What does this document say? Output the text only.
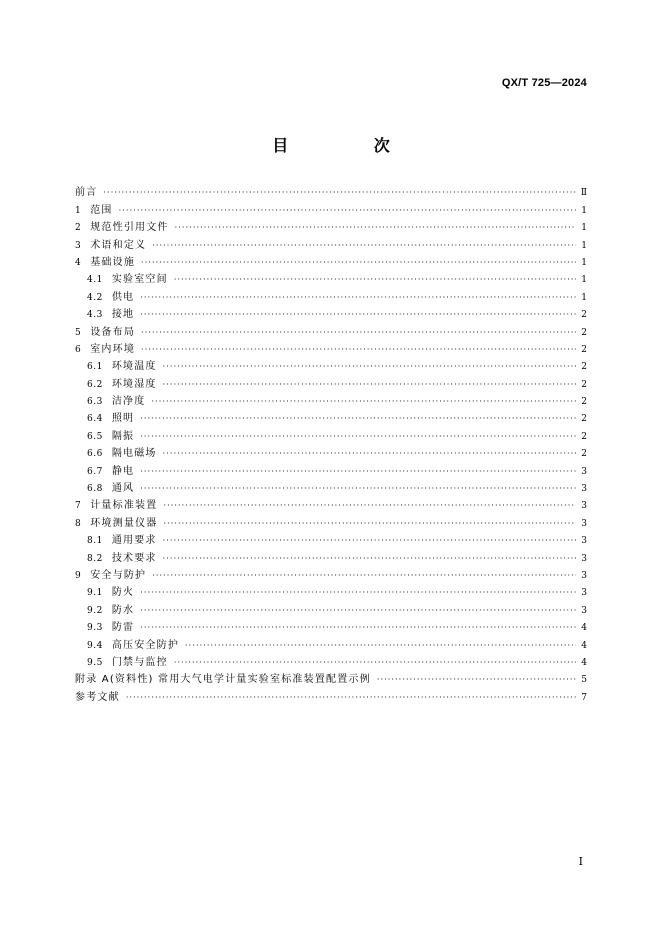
QX/T 725—2024
目 次
前言 ·····	Ⅱ
1 范围 ·····	1
2 规范性引用文件 ·····	1
3 术语和定义 ·····	1
4 基础设施 ·····	1
4.1 实验室空间 ·····	1
4.2 供电 ·····	1
4.3 接地 ·····	2
5 设备布局 ·····	2
6 室内环境 ·····	2
6.1 环境温度 ·····	2
6.2 环境湿度 ·····	2
6.3 洁净度 ·····	2
6.4 照明 ·····	2
6.5 隔振 ·····	2
6.6 隔电磁场 ·····	2
6.7 静电 ·····	3
6.8 通风 ·····	3
7 计量标准装置 ·····	3
8 环境测量仪器 ·····	3
8.1 通用要求 ·····	3
8.2 技术要求 ·····	3
9 安全与防护 ·····	3
9.1 防火 ·····	3
9.2 防水 ·····	3
9.3 防雷 ·····	4
9.4 高压安全防护 ·····	4
9.5 门禁与监控 ·····	4
附录 A(资料性) 常用大气电学计量实验室标准装置配置示例 ·····	5
参考文献 ·····	7
Ⅰ
